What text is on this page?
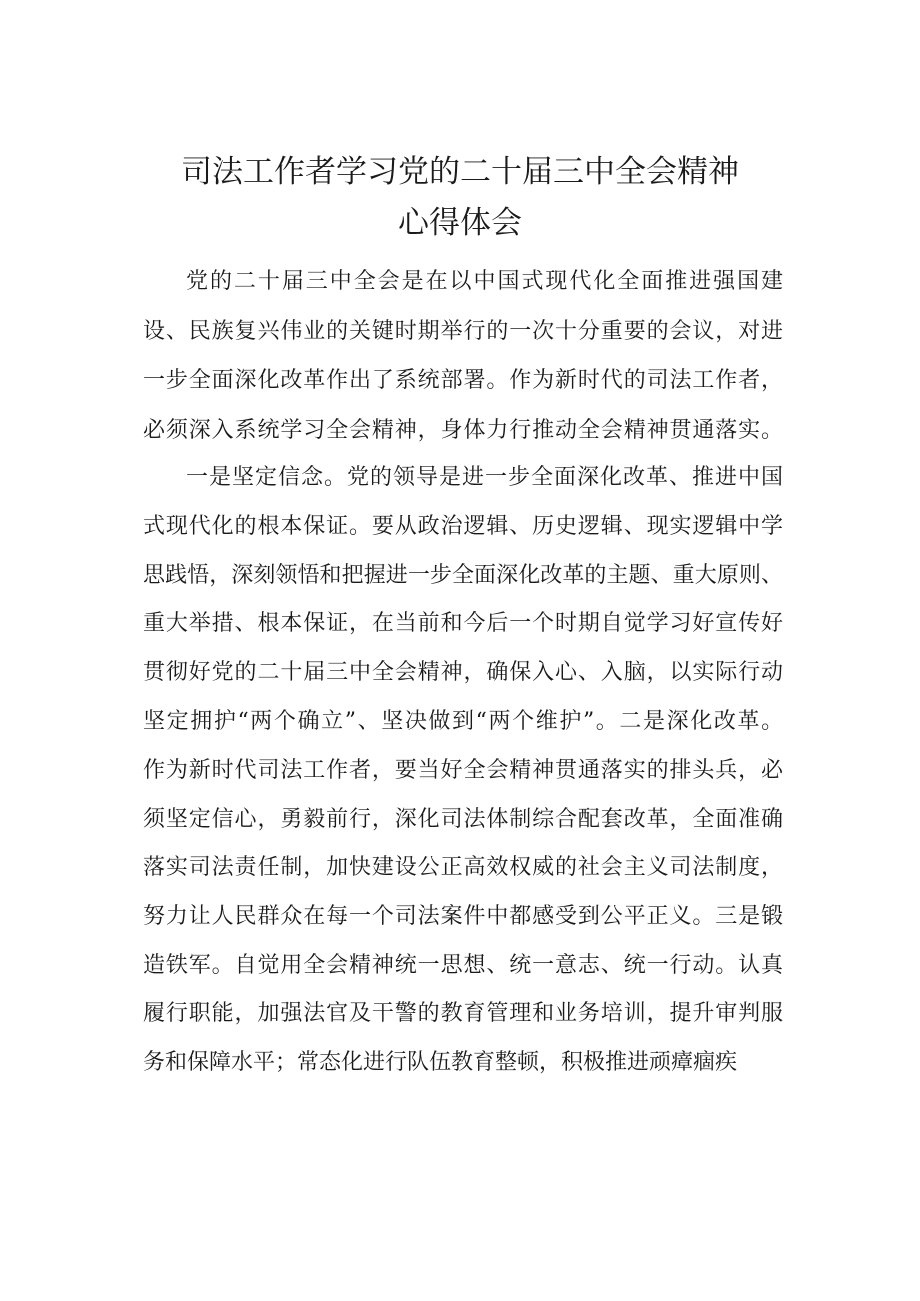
司法工作者学习党的二十届三中全会精神
心得体会
党的二十届三中全会是在以中国式现代化全面推进强国建
设、民族复兴伟业的关键时期举行的一次十分重要的会议，对进
一步全面深化改革作出了系统部署。作为新时代的司法工作者，
必须深入系统学习全会精神，身体力行推动全会精神贯通落实。
一是坚定信念。党的领导是进一步全面深化改革、推进中国
式现代化的根本保证。要从政治逻辑、历史逻辑、现实逻辑中学
思践悟，深刻领悟和把握进一步全面深化改革的主题、重大原则、
重大举措、根本保证，在当前和今后一个时期自觉学习好宣传好
贯彻好党的二十届三中全会精神，确保入心、入脑，以实际行动
坚定拥护“两个确立”、坚决做到“两个维护”。二是深化改革。
作为新时代司法工作者，要当好全会精神贯通落实的排头兵，必
须坚定信心，勇毅前行，深化司法体制综合配套改革，全面准确
落实司法责任制，加快建设公正高效权威的社会主义司法制度，
努力让人民群众在每一个司法案件中都感受到公平正义。三是锻
造铁军。自觉用全会精神统一思想、统一意志、统一行动。认真
履行职能，加强法官及干警的教育管理和业务培训，提升审判服
务和保障水平；常态化进行队伍教育整顿，积极推进顽瘴痼疾
